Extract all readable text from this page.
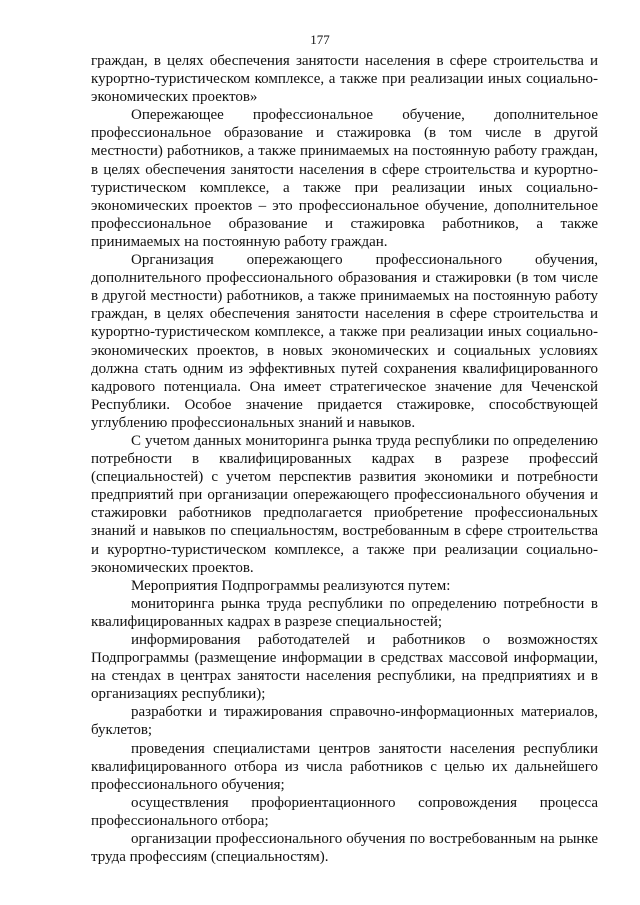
177

граждан, в целях обеспечения занятости населения в сфере строительства и курортно-туристическом комплексе, а также при реализации иных социально-экономических проектов»

Опережающее профессиональное обучение, дополнительное профессиональное образование и стажировка (в том числе в другой местности) работников, а также принимаемых на постоянную работу граждан, в целях обеспечения занятости населения в сфере строительства и курортно-туристическом комплексе, а также при реализации иных социально-экономических проектов – это профессиональное обучение, дополнительное профессиональное образование и стажировка работников, а также принимаемых на постоянную работу граждан.

Организация опережающего профессионального обучения, дополнительного профессионального образования и стажировки (в том числе в другой местности) работников, а также принимаемых на постоянную работу граждан, в целях обеспечения занятости населения в сфере строительства и курортно-туристическом комплексе, а также при реализации иных социально-экономических проектов, в новых экономических и социальных условиях должна стать одним из эффективных путей сохранения квалифицированного кадрового потенциала. Она имеет стратегическое значение для Чеченской Республики. Особое значение придается стажировке, способствующей углублению профессиональных знаний и навыков.

С учетом данных мониторинга рынка труда республики по определению потребности в квалифицированных кадрах в разрезе профессий (специальностей) с учетом перспектив развития экономики и потребности предприятий при организации опережающего профессионального обучения и стажировки работников предполагается приобретение профессиональных знаний и навыков по специальностям, востребованным в сфере строительства и курортно-туристическом комплексе, а также при реализации социально-экономических проектов.

Мероприятия Подпрограммы реализуются путем:

мониторинга рынка труда республики по определению потребности в квалифицированных кадрах в разрезе специальностей;

информирования работодателей и работников о возможностях Подпрограммы (размещение информации в средствах массовой информации, на стендах в центрах занятости населения республики, на предприятиях и в организациях республики);

разработки и тиражирования справочно-информационных материалов, буклетов;

проведения специалистами центров занятости населения республики квалифицированного отбора из числа работников с целью их дальнейшего профессионального обучения;

осуществления профориентационного сопровождения процесса профессионального отбора;

организации профессионального обучения по востребованным на рынке труда профессиям (специальностям).
